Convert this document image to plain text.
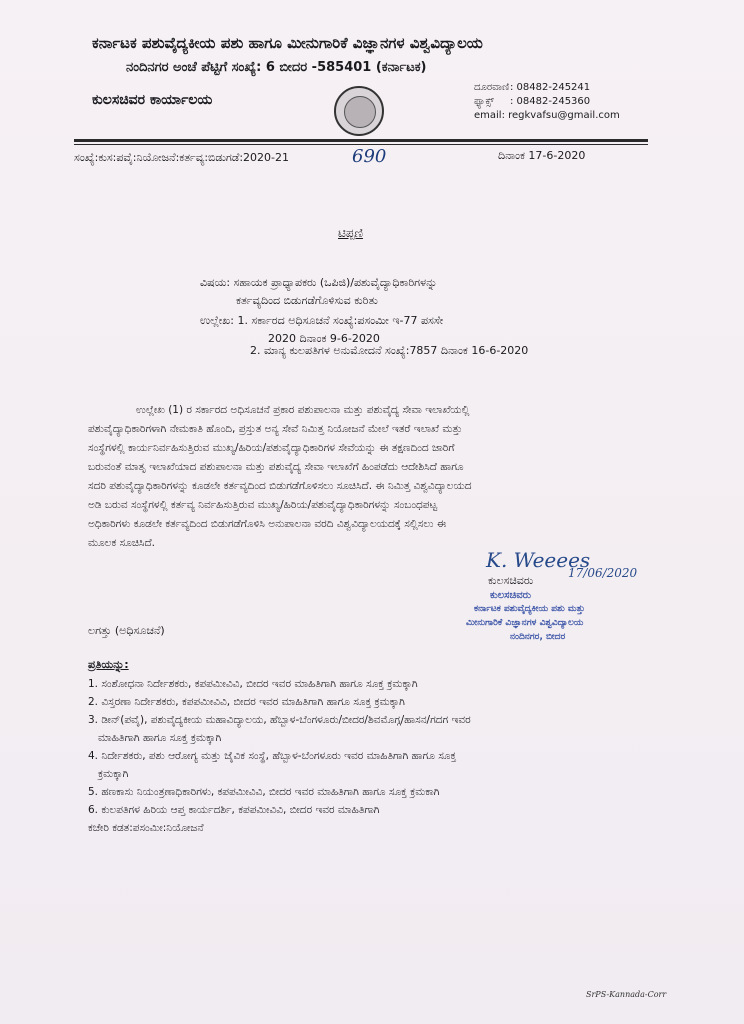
ಕರ್ನಾಟಕ ಪಶುವೈದ್ಯಕೀಯ ಪಶು ಹಾಗೂ ಮೀನುಗಾರಿಕೆ ವಿಜ್ಞಾನಗಳ ವಿಶ್ವವಿದ್ಯಾಲಯ
ನಂದಿನಗರ ಅಂಚೆ ಪೆಟ್ಟಿಗೆ ಸಂಖ್ಯೆ: 6 ಬೀದರ -585401 (ಕರ್ನಾಟಕ)
ಕುಲಸಚಿವರ ಕಾರ್ಯಾಲಯ
ದೂರವಾಣಿ : 08482-245241
ಫ್ಯಾಕ್ಸ್ : 08482-245360
email: regkvafsu@gmail.com
ಸಂಖ್ಯೆ:ಕುಸ:ಪವೈ:ನಿಯೋಜನೆ:ಕರ್ತವ್ಯ:ಬಿಡುಗಡೆ:2020-21	690	ದಿನಾಂಕ 17-6-2020
ಟಿಪ್ಪಣಿ
ವಿಷಯ: ಸಹಾಯಕ ಪ್ರಾಧ್ಯಾಪಕರು (ಒಪಿಜಿ)/ಪಶುವೈದ್ಯಾಧಿಕಾರಿಗಳನ್ನು
ಕರ್ತವ್ಯದಿಂದ ಬಿಡುಗಡೆಗೊಳಿಸುವ ಕುರಿತು
ಉಲ್ಲೇಖ: 1. ಸರ್ಕಾರದ ಅಧಿಸೂಚನೆ ಸಂಖ್ಯೆ:ಪಸಂಮೀ ಇ-77 ಪಸಸೇ
2020 ದಿನಾಂಕ 9-6-2020
2. ಮಾನ್ಯ ಕುಲಪತಿಗಳ ಅನುಮೋದನೆ ಸಂಖ್ಯೆ:7857 ದಿನಾಂಕ 16-6-2020
ಉಲ್ಲೇಖ (1) ರ ಸರ್ಕಾರದ ಅಧಿಸೂಚನೆ ಪ್ರಕಾರ ಪಶುಪಾಲನಾ ಮತ್ತು ಪಶುವೈದ್ಯ ಸೇವಾ ಇಲಾಖೆಯಲ್ಲಿ
ಪಶುವೈದ್ಯಾಧಿಕಾರಿಗಳಾಗಿ ನೇಮಕಾತಿ ಹೊಂದಿ, ಪ್ರಸ್ತುತ ಅನ್ಯ ಸೇವೆ ನಿಮಿತ್ತ ನಿಯೋಜನೆ ಮೇಲೆ ಇತರೆ ಇಲಾಖೆ ಮತ್ತು
ಸಂಸ್ಥೆಗಳಲ್ಲಿ ಕಾರ್ಯನಿರ್ವಹಿಸುತ್ತಿರುವ ಮುಖ್ಯ/ಹಿರಿಯ/ಪಶುವೈದ್ಯಾಧಿಕಾರಿಗಳ ಸೇವೆಯನ್ನು ಈ ತಕ್ಷಣದಿಂದ ಜಾರಿಗೆ
ಬರುವಂತೆ ಮಾತೃ ಇಲಾಖೆಯಾದ ಪಶುಪಾಲನಾ ಮತ್ತು ಪಶುವೈದ್ಯ ಸೇವಾ ಇಲಾಖೆಗೆ ಹಿಂಪಡೆದು ಆದೇಶಿಸಿದೆ ಹಾಗೂ
ಸದರಿ ಪಶುವೈದ್ಯಾಧಿಕಾರಿಗಳನ್ನು ಕೂಡಲೇ ಕರ್ತವ್ಯದಿಂದ ಬಿಡುಗಡೆಗೊಳಿಸಲು ಸೂಚಿಸಿದೆ. ಈ ನಿಮಿತ್ತ ವಿಶ್ವವಿದ್ಯಾಲಯದ
ಅಡಿ ಬರುವ ಸಂಸ್ಥೆಗಳಲ್ಲಿ ಕರ್ತವ್ಯ ನಿರ್ವಹಿಸುತ್ತಿರುವ ಮುಖ್ಯ/ಹಿರಿಯ/ಪಶುವೈದ್ಯಾಧಿಕಾರಿಗಳನ್ನು ಸಂಬಂಧಪಟ್ಟ
ಅಧಿಕಾರಿಗಳು ಕೂಡಲೇ ಕರ್ತವ್ಯದಿಂದ ಬಿಡುಗಡೆಗೊಳಿಸಿ ಅನುಪಾಲನಾ ವರದಿ ವಿಶ್ವವಿದ್ಯಾಲಯದಕ್ಕೆ ಸಲ್ಲಿಸಲು ಈ
ಮೂಲಕ ಸೂಚಿಸಿದೆ.
K. Weeees
17/06/2020
ಕುಲಸಚಿವರು
ಕುಲಸಚಿವರು
ಕರ್ನಾಟಕ ಪಶುವೈದ್ಯಕೀಯ ಪಶು ಮತ್ತು
ಮೀನುಗಾರಿಕೆ ವಿಜ್ಞಾನಗಳ ವಿಶ್ವವಿದ್ಯಾಲಯ
ನಂದಿನಗರ, ಬೀದರ
ಲಗತ್ತು (ಅಧಿಸೂಚನೆ)
ಪ್ರತಿಯನ್ನು:
1. ಸಂಶೋಧನಾ ನಿರ್ದೇಶಕರು, ಕಪಪಮೀವಿವಿ, ಬೀದರ ಇವರ ಮಾಹಿತಿಗಾಗಿ ಹಾಗೂ ಸೂಕ್ತ ಕ್ರಮಕ್ಕಾಗಿ
2. ವಿಸ್ತರಣಾ ನಿರ್ದೇಶಕರು, ಕಪಪಮೀವಿವಿ, ಬೀದರ ಇವರ ಮಾಹಿತಿಗಾಗಿ ಹಾಗೂ ಸೂಕ್ತ ಕ್ರಮಕ್ಕಾಗಿ
3. ಡೀನ್(ಪವೈ), ಪಶುವೈದ್ಯಕೀಯ ಮಹಾವಿದ್ಯಾಲಯ, ಹೆಬ್ಬಾಳ-ಬೆಂಗಳೂರು/ಬೀದರ/ಶಿವಮೊಗ್ಗ/ಹಾಸನ/ಗದಗ ಇವರ
ಮಾಹಿತಿಗಾಗಿ ಹಾಗೂ ಸೂಕ್ತ ಕ್ರಮಕ್ಕಾಗಿ
4. ನಿರ್ದೇಶಕರು, ಪಶು ಆರೋಗ್ಯ ಮತ್ತು ಜೈವಿಕ ಸಂಸ್ಥೆ, ಹೆಬ್ಬಾಳ-ಬೆಂಗಳೂರು ಇವರ ಮಾಹಿತಿಗಾಗಿ ಹಾಗೂ ಸೂಕ್ತ
ಕ್ರಮಕ್ಕಾಗಿ
5. ಹಣಕಾಸು ನಿಯಂತ್ರಣಾಧಿಕಾರಿಗಳು, ಕಪಪಮೀವಿವಿ, ಬೀದರ ಇವರ ಮಾಹಿತಿಗಾಗಿ ಹಾಗೂ ಸೂಕ್ತ ಕ್ರಮಕಾಗಿ
6. ಕುಲಪತಿಗಳ ಹಿರಿಯ ಆಪ್ತ ಕಾರ್ಯದರ್ಶಿ, ಕಪಪಮೀವಿವಿ, ಬೀದರ ಇವರ ಮಾಹಿತಿಗಾಗಿ
ಕಚೇರಿ ಕಡತ:ಪಸಂಮೀ:ನಿಯೋಜನೆ
SrPS-Kannada-Corr
